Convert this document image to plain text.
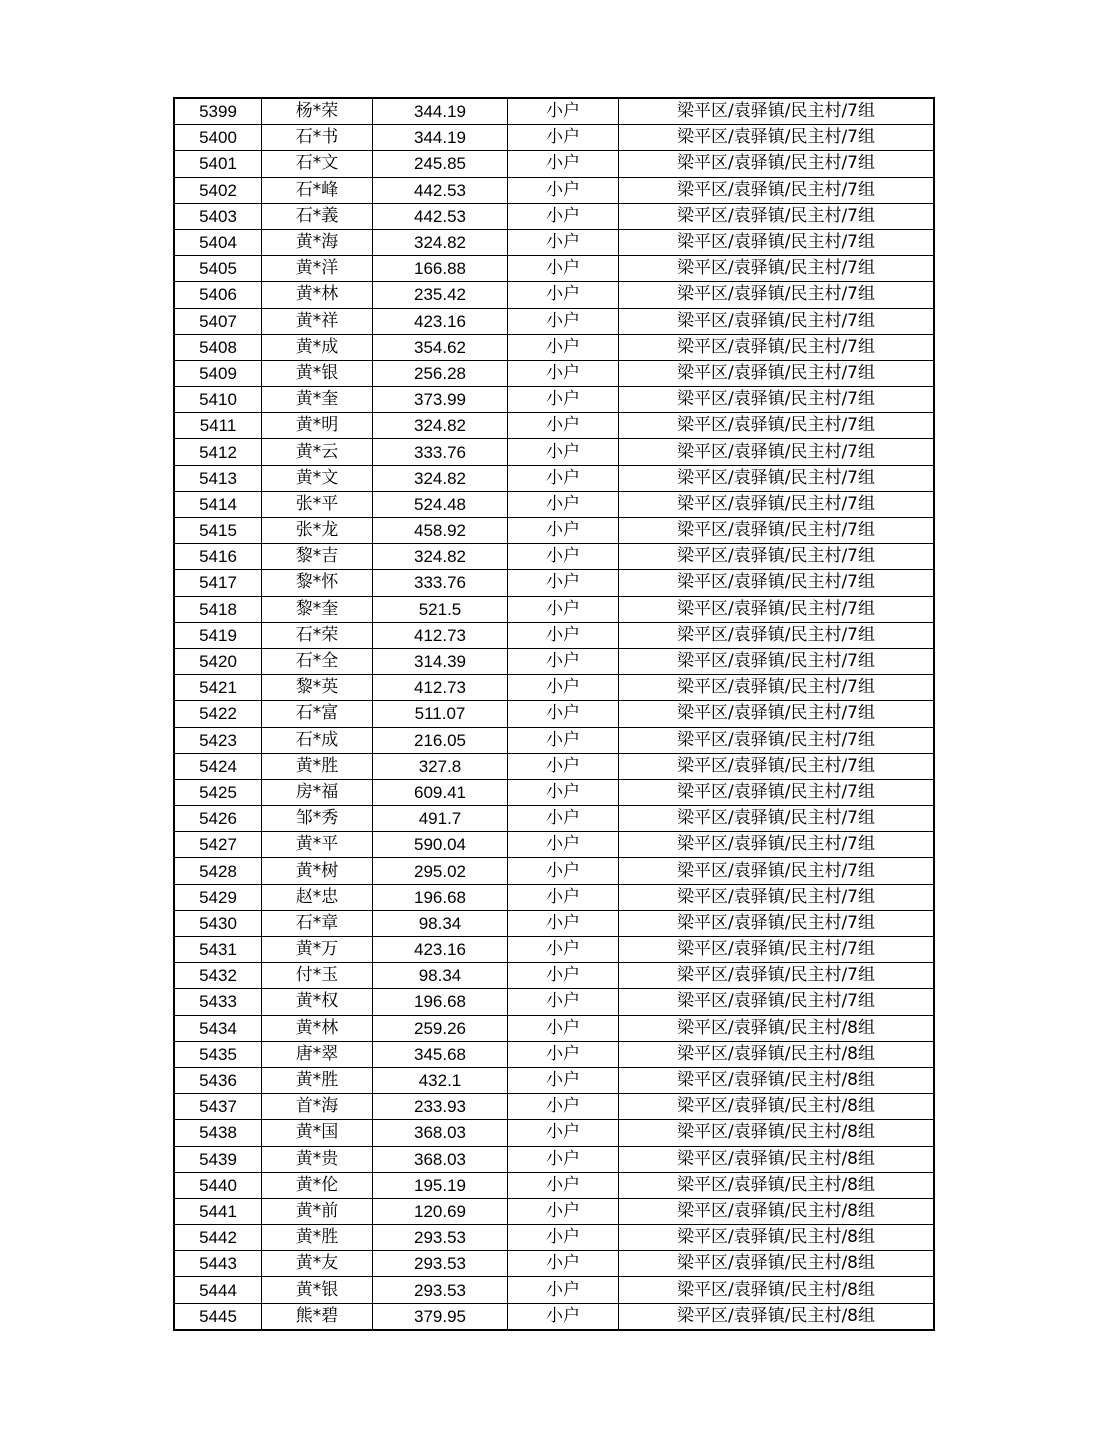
5399	杨*荣	344.19	小户	梁平区/袁驿镇/民主村/7组
5400	石*书	344.19	小户	梁平区/袁驿镇/民主村/7组
5401	石*文	245.85	小户	梁平区/袁驿镇/民主村/7组
5402	石*峰	442.53	小户	梁平区/袁驿镇/民主村/7组
5403	石*義	442.53	小户	梁平区/袁驿镇/民主村/7组
5404	黄*海	324.82	小户	梁平区/袁驿镇/民主村/7组
5405	黄*洋	166.88	小户	梁平区/袁驿镇/民主村/7组
5406	黄*林	235.42	小户	梁平区/袁驿镇/民主村/7组
5407	黄*祥	423.16	小户	梁平区/袁驿镇/民主村/7组
5408	黄*成	354.62	小户	梁平区/袁驿镇/民主村/7组
5409	黄*银	256.28	小户	梁平区/袁驿镇/民主村/7组
5410	黄*奎	373.99	小户	梁平区/袁驿镇/民主村/7组
5411	黄*明	324.82	小户	梁平区/袁驿镇/民主村/7组
5412	黄*云	333.76	小户	梁平区/袁驿镇/民主村/7组
5413	黄*文	324.82	小户	梁平区/袁驿镇/民主村/7组
5414	张*平	524.48	小户	梁平区/袁驿镇/民主村/7组
5415	张*龙	458.92	小户	梁平区/袁驿镇/民主村/7组
5416	黎*吉	324.82	小户	梁平区/袁驿镇/民主村/7组
5417	黎*怀	333.76	小户	梁平区/袁驿镇/民主村/7组
5418	黎*奎	521.5	小户	梁平区/袁驿镇/民主村/7组
5419	石*荣	412.73	小户	梁平区/袁驿镇/民主村/7组
5420	石*全	314.39	小户	梁平区/袁驿镇/民主村/7组
5421	黎*英	412.73	小户	梁平区/袁驿镇/民主村/7组
5422	石*富	511.07	小户	梁平区/袁驿镇/民主村/7组
5423	石*成	216.05	小户	梁平区/袁驿镇/民主村/7组
5424	黄*胜	327.8	小户	梁平区/袁驿镇/民主村/7组
5425	房*福	609.41	小户	梁平区/袁驿镇/民主村/7组
5426	邹*秀	491.7	小户	梁平区/袁驿镇/民主村/7组
5427	黄*平	590.04	小户	梁平区/袁驿镇/民主村/7组
5428	黄*树	295.02	小户	梁平区/袁驿镇/民主村/7组
5429	赵*忠	196.68	小户	梁平区/袁驿镇/民主村/7组
5430	石*章	98.34	小户	梁平区/袁驿镇/民主村/7组
5431	黄*万	423.16	小户	梁平区/袁驿镇/民主村/7组
5432	付*玉	98.34	小户	梁平区/袁驿镇/民主村/7组
5433	黄*权	196.68	小户	梁平区/袁驿镇/民主村/7组
5434	黄*林	259.26	小户	梁平区/袁驿镇/民主村/8组
5435	唐*翠	345.68	小户	梁平区/袁驿镇/民主村/8组
5436	黄*胜	432.1	小户	梁平区/袁驿镇/民主村/8组
5437	首*海	233.93	小户	梁平区/袁驿镇/民主村/8组
5438	黄*国	368.03	小户	梁平区/袁驿镇/民主村/8组
5439	黄*贵	368.03	小户	梁平区/袁驿镇/民主村/8组
5440	黄*伦	195.19	小户	梁平区/袁驿镇/民主村/8组
5441	黄*前	120.69	小户	梁平区/袁驿镇/民主村/8组
5442	黄*胜	293.53	小户	梁平区/袁驿镇/民主村/8组
5443	黄*友	293.53	小户	梁平区/袁驿镇/民主村/8组
5444	黄*银	293.53	小户	梁平区/袁驿镇/民主村/8组
5445	熊*碧	379.95	小户	梁平区/袁驿镇/民主村/8组
